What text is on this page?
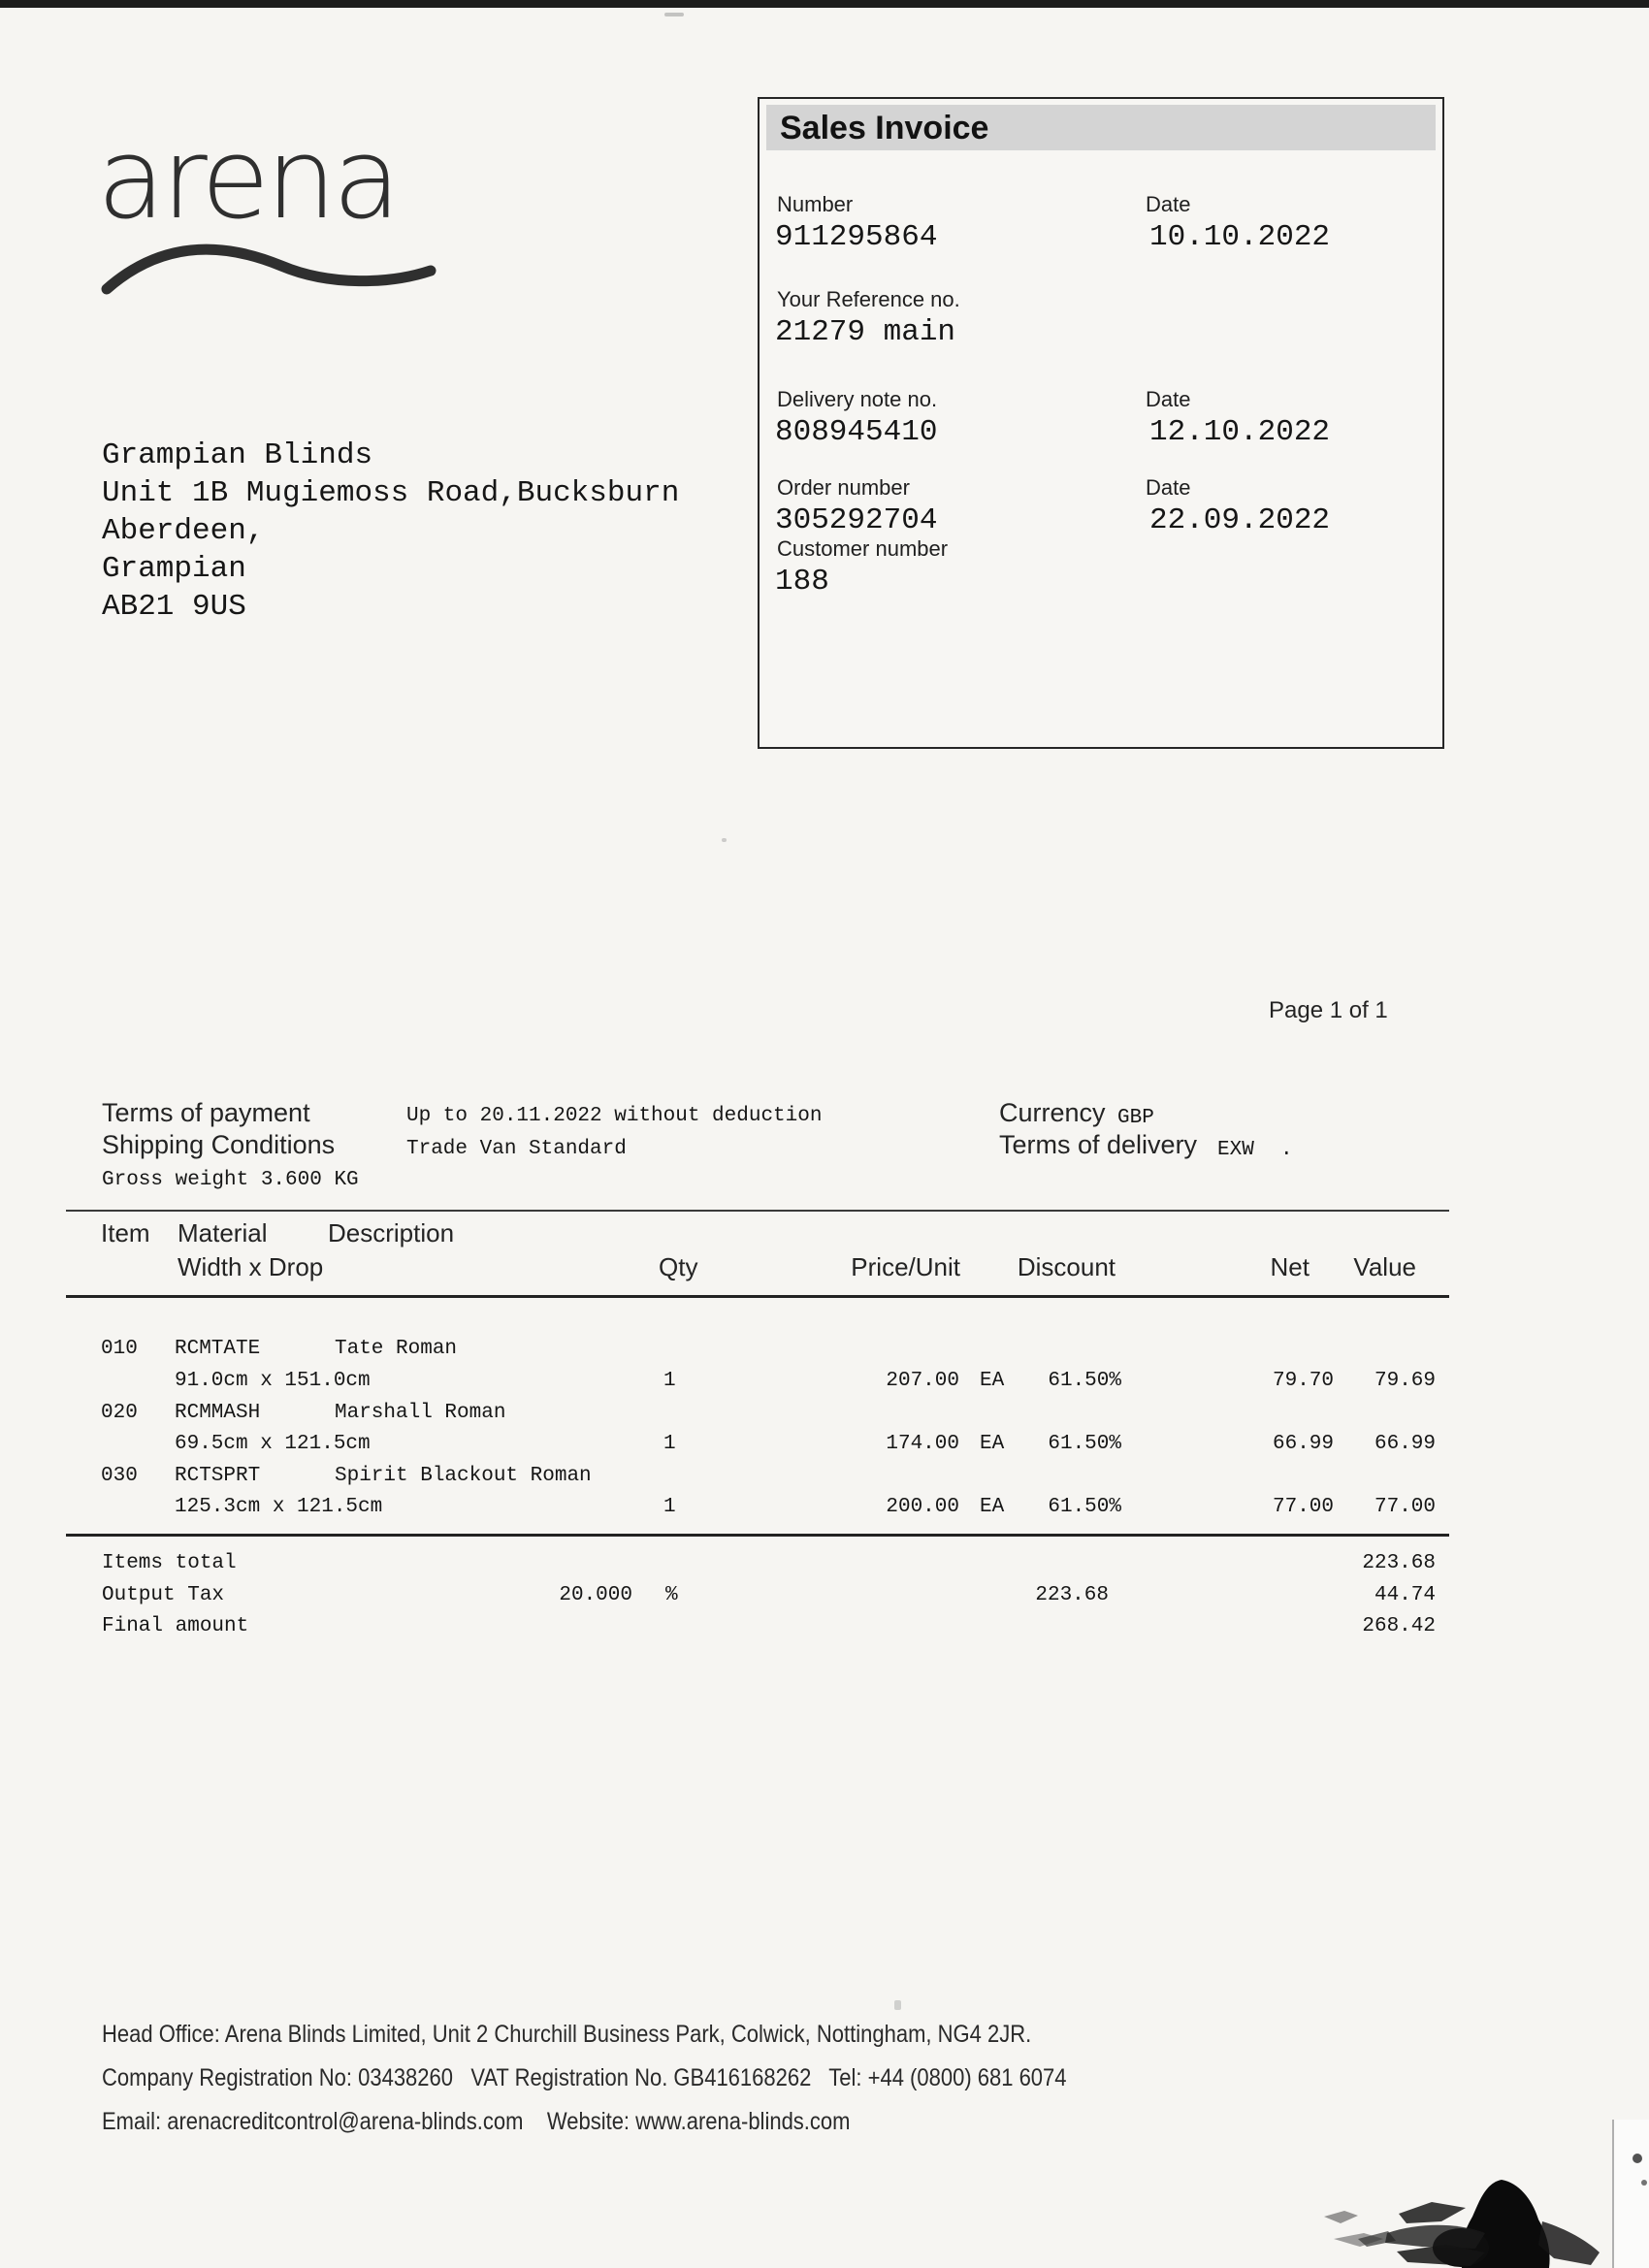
arena	Sales Invoice
Number
911295864
Date
10.10.2022
Your Reference no.
21279 main
Delivery note no.
808945410
Date
12.10.2022
Order number
305292704
Date
22.09.2022
Customer number
188
Grampian Blinds
Unit 1B Mugiemoss Road,Bucksburn
Aberdeen,
Grampian
AB21 9US
Page 1 of 1
Terms of payment	Up to 20.11.2022 without deduction
Shipping Conditions	Trade Van Standard
Gross weight 3.600 KG
Currency GBP
Terms of delivery EXW .
Item Material Description
Width x Drop	Qty	Price/Unit	Discount	Net	Value
010 RCMTATE	Tate Roman
91.0cm x 151.0cm	1	207.00 EA	61.50%	79.70	79.69
020 RCMMASH	Marshall Roman
69.5cm x 121.5cm	1	174.00 EA	61.50%	66.99	66.99
030 RCTSPRT	Spirit Blackout Roman
125.3cm x 121.5cm	1	200.00 EA	61.50%	77.00	77.00
Items total	223.68
Output Tax	20.000 %	223.68	44.74
Final amount	268.42
Head Office: Arena Blinds Limited, Unit 2 Churchill Business Park, Colwick, Nottingham, NG4 2JR.
Company Registration No: 03438260   VAT Registration No. GB416168262   Tel: +44 (0800) 681 6074
Email: arenacreditcontrol@arena-blinds.com    Website: www.arena-blinds.com
